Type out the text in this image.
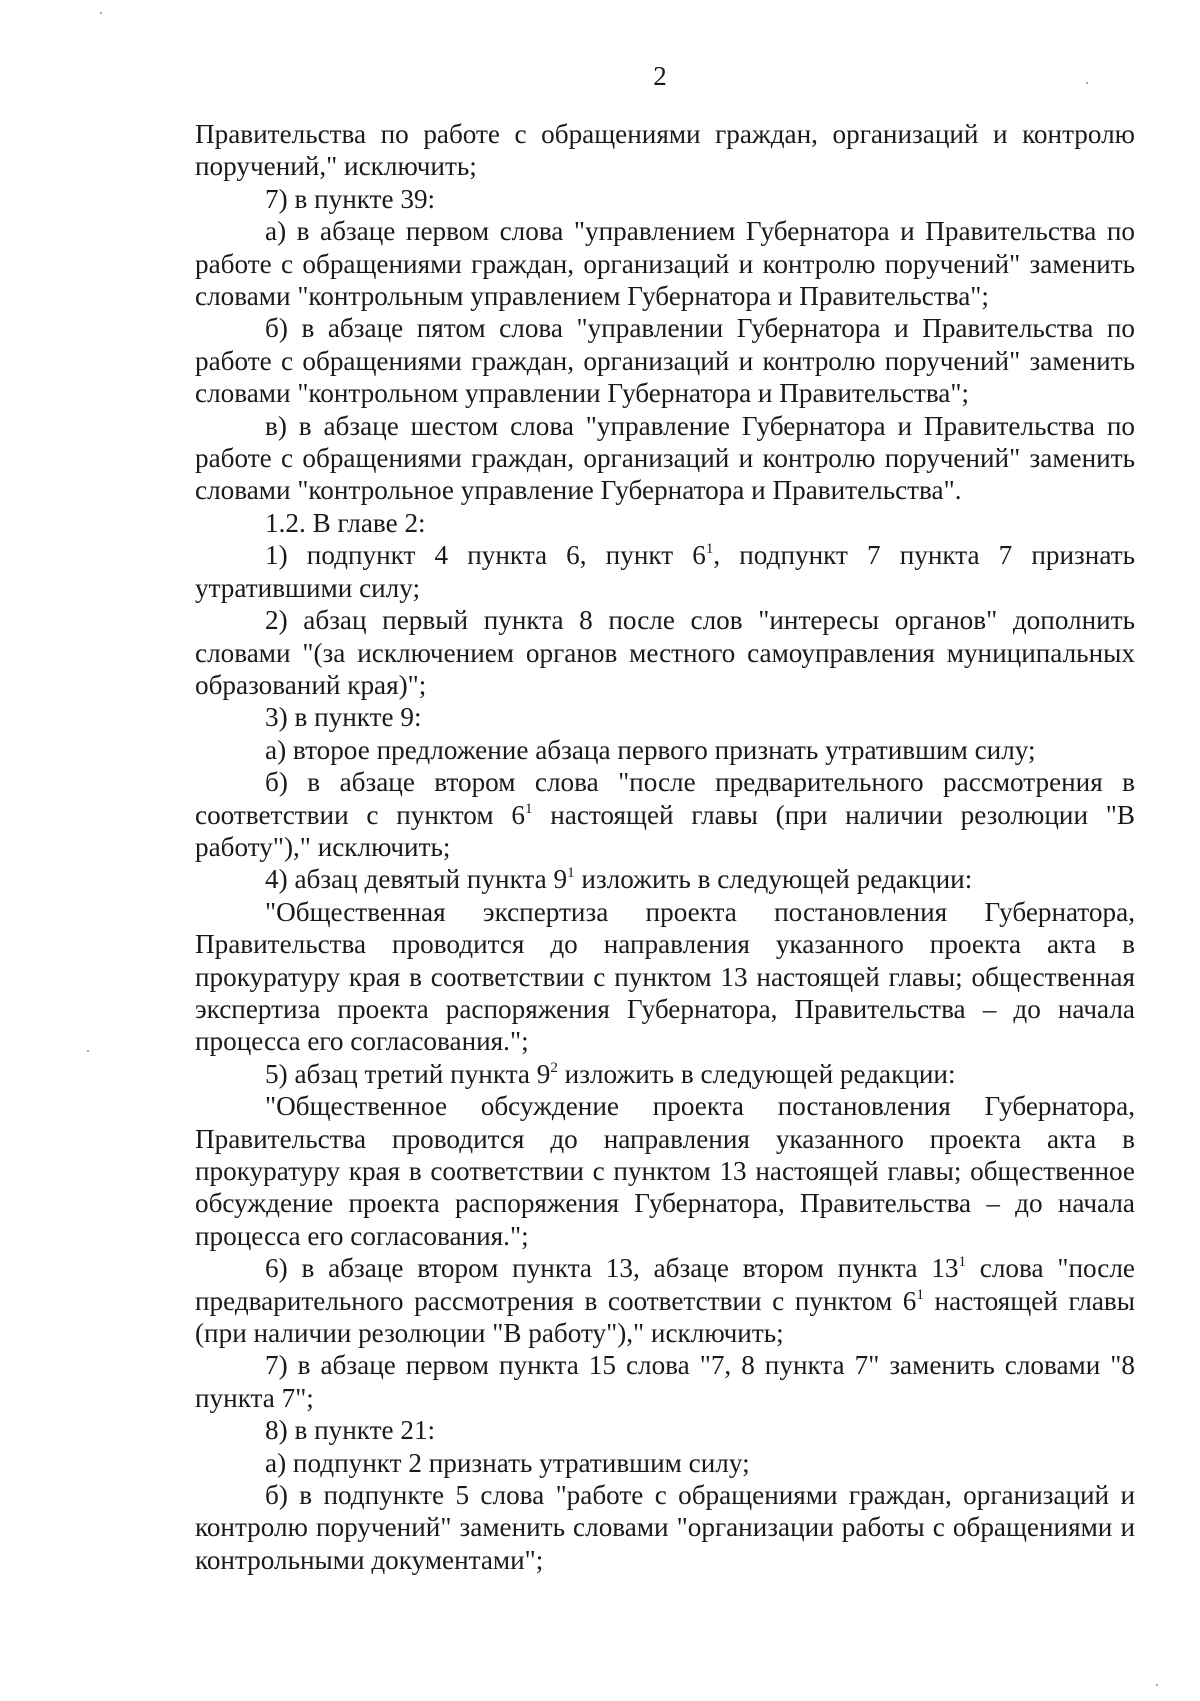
2

Правительства по работе с обращениями граждан, организаций и контролю поручений," исключить;

7) в пункте 39:

а) в абзаце первом слова "управлением Губернатора и Правительства по работе с обращениями граждан, организаций и контролю поручений" заменить словами "контрольным управлением Губернатора и Правительства";

б) в абзаце пятом слова "управлении Губернатора и Правительства по работе с обращениями граждан, организаций и контролю поручений" заменить словами "контрольном управлении Губернатора и Правительства";

в) в абзаце шестом слова "управление Губернатора и Правительства по работе с обращениями граждан, организаций и контролю поручений" заменить словами "контрольное управление Губернатора и Правительства".

1.2. В главе 2:

1) подпункт 4 пункта 6, пункт $6^1$, подпункт 7 пункта 7 признать утратившими силу;

2) абзац первый пункта 8 после слов "интересы органов" дополнить словами "(за исключением органов местного самоуправления муниципальных образований края)";

3) в пункте 9:

а) второе предложение абзаца первого признать утратившим силу;

б) в абзаце втором слова "после предварительного рассмотрения в соответствии с пунктом $6^1$ настоящей главы (при наличии резолюции "В работу")," исключить;

4) абзац девятый пункта $9^1$ изложить в следующей редакции:

"Общественная экспертиза проекта постановления Губернатора, Правительства проводится до направления указанного проекта акта в прокуратуру края в соответствии с пунктом 13 настоящей главы; общественная экспертиза проекта распоряжения Губернатора, Правительства – до начала процесса его согласования.";

5) абзац третий пункта $9^2$ изложить в следующей редакции:

"Общественное обсуждение проекта постановления Губернатора, Правительства проводится до направления указанного проекта акта в прокуратуру края в соответствии с пунктом 13 настоящей главы; общественное обсуждение проекта распоряжения Губернатора, Правительства – до начала процесса его согласования.";

6) в абзаце втором пункта 13, абзаце втором пункта $13^1$ слова "после предварительного рассмотрения в соответствии с пунктом $6^1$ настоящей главы (при наличии резолюции "В работу")," исключить;

7) в абзаце первом пункта 15 слова "7, 8 пункта 7" заменить словами "8 пункта 7";

8) в пункте 21:

а) подпункт 2 признать утратившим силу;

б) в подпункте 5 слова "работе с обращениями граждан, организаций и контролю поручений" заменить словами "организации работы с обращениями и контрольными документами";
